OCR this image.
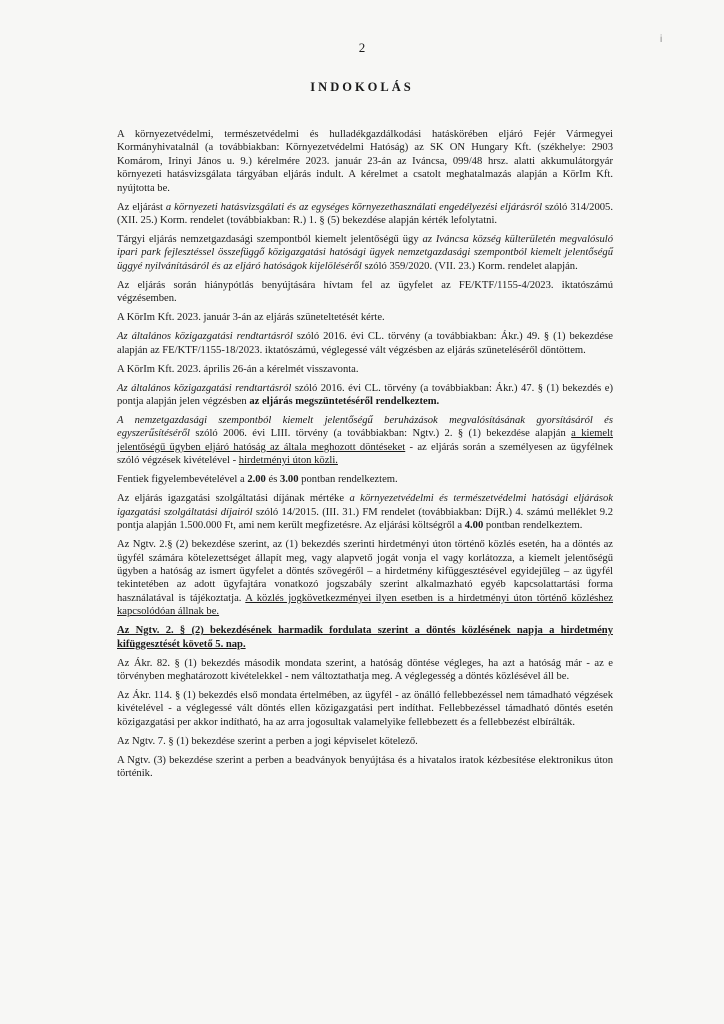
i
2
INDOKOLÁS

A környezetvédelmi, természetvédelmi és hulladékgazdálkodási hatáskörében eljáró Fejér Vármegyei Kormányhivatalnál (a továbbiakban: Környezetvédelmi Hatóság) az SK ON Hungary Kft. (székhelye: 2903 Komárom, Irinyi János u. 9.) kérelmére 2023. január 23-án az Iváncsa, 099/48 hrsz. alatti akkumulátorgyár környezeti hatásvizsgálata tárgyában eljárás indult. A kérelmet a csatolt meghatalmazás alapján a KörIm Kft. nyújtotta be.

Az eljárást a környezeti hatásvizsgálati és az egységes környezethasználati engedélyezési eljárásról szóló 314/2005. (XII. 25.) Korm. rendelet (továbbiakban: R.) 1. § (5) bekezdése alapján kérték lefolytatni.

Tárgyi eljárás nemzetgazdasági szempontból kiemelt jelentőségű ügy az Iváncsa község külterületén megvalósuló ipari park fejlesztéssel összefüggő közigazgatási hatósági ügyek nemzetgazdasági szempontból kiemelt jelentőségű üggyé nyilvánításáról és az eljáró hatóságok kijelöléséről szóló 359/2020. (VII. 23.) Korm. rendelet alapján.

Az eljárás során hiánypótlás benyújtására hívtam fel az ügyfelet az FE/KTF/1155-4/2023. iktatószámú végzésemben.

A KörIm Kft. 2023. január 3-án az eljárás szüneteltetését kérte.

Az általános közigazgatási rendtartásról szóló 2016. évi CL. törvény (a továbbiakban: Ákr.) 49. § (1) bekezdése alapján az FE/KTF/1155-18/2023. iktatószámú, véglegessé vált végzésben az eljárás szüneteléséről döntöttem.

A KörIm Kft. 2023. április 26-án a kérelmét visszavonta.

Az általános közigazgatási rendtartásról szóló 2016. évi CL. törvény (a továbbiakban: Ákr.) 47. § (1) bekezdés e) pontja alapján jelen végzésben az eljárás megszüntetéséről rendelkeztem.

A nemzetgazdasági szempontból kiemelt jelentőségű beruházások megvalósításának gyorsításáról és egyszerűsítéséről szóló 2006. évi LIII. törvény (a továbbiakban: Ngtv.) 2. § (1) bekezdése alapján a kiemelt jelentőségű ügyben eljáró hatóság az általa meghozott döntéseket - az eljárás során a személyesen az ügyfélnek szóló végzések kivételével - hirdetményi úton közli.

Fentiek figyelembevételével a 2.00 és 3.00 pontban rendelkeztem.

Az eljárás igazgatási szolgáltatási díjának mértéke a környezetvédelmi és természetvédelmi hatósági eljárások igazgatási szolgáltatási díjairól szóló 14/2015. (III. 31.) FM rendelet (továbbiakban: DíjR.) 4. számú melléklet 9.2 pontja alapján 1.500.000 Ft, ami nem került megfizetésre. Az eljárási költségről a 4.00 pontban rendelkeztem.

Az Ngtv. 2.§ (2) bekezdése szerint, az (1) bekezdés szerinti hirdetményi úton történő közlés esetén, ha a döntés az ügyfél számára kötelezettséget állapít meg, vagy alapvető jogát vonja el vagy korlátozza, a kiemelt jelentőségű ügyben a hatóság az ismert ügyfelet a döntés szövegéről – a hirdetmény kifüggesztésével egyidejűleg – az ügyfél tekintetében az adott ügyfajtára vonatkozó jogszabály szerint alkalmazható egyéb kapcsolattartási forma használatával is tájékoztatja. A közlés jogkövetkezményei ilyen esetben is a hirdetményi úton történő közléshez kapcsolódóan állnak be.

Az Ngtv. 2. § (2) bekezdésének harmadik fordulata szerint a döntés közlésének napja a hirdetmény kifüggesztését követő 5. nap.

Az Ákr. 82. § (1) bekezdés második mondata szerint, a hatóság döntése végleges, ha azt a hatóság már - az e törvényben meghatározott kivételekkel - nem változtathatja meg. A véglegesség a döntés közlésével áll be.

Az Ákr. 114. § (1) bekezdés első mondata értelmében, az ügyfél - az önálló fellebbezéssel nem támadható végzések kivételével - a véglegessé vált döntés ellen közigazgatási pert indíthat. Fellebbezéssel támadható döntés esetén közigazgatási per akkor indítható, ha az arra jogosultak valamelyike fellebbezett és a fellebbezést elbírálták.

Az Ngtv. 7. § (1) bekezdése szerint a perben a jogi képviselet kötelező.

A Ngtv. (3) bekezdése szerint a perben a beadványok benyújtása és a hivatalos iratok kézbesítése elektronikus úton történik.
